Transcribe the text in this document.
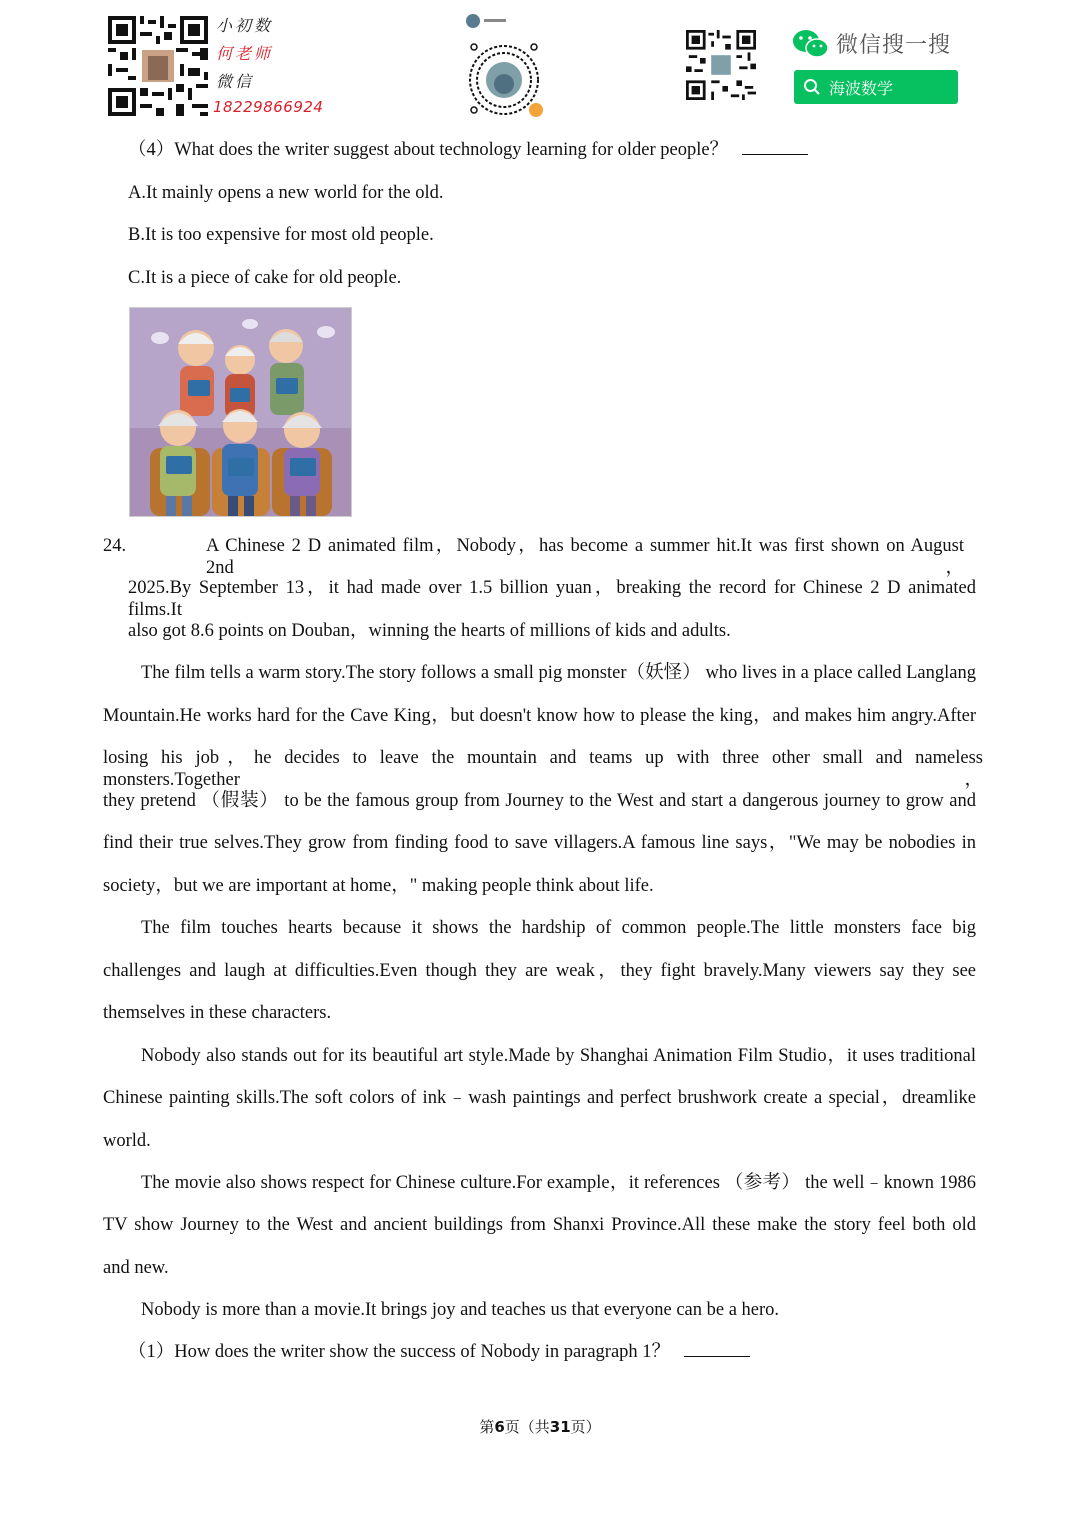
小初数
何老师
微信
18229866924
微信搜一搜
海波数学
（4）What does the writer suggest about technology learning for older people？
A.It mainly opens a new world for the old.
B.It is too expensive for most old people.
C.It is a piece of cake for old people.
24.	A Chinese 2 D animated film，Nobody，has become a summer hit.It was first shown on August 2nd，
2025.By September 13，it had made over 1.5 billion yuan，breaking the record for Chinese 2 D animated films.It
also got 8.6 points on Douban，winning the hearts of millions of kids and adults.
The film tells a warm story.The story follows a small pig monster（妖怪） who lives in a place called Langlang
Mountain.He works hard for the Cave King，but doesn't know how to please the king，and makes him angry.After
losing his job，he decides to leave the mountain and teams up with three other small and nameless monsters.Together，
they pretend （假装） to be the famous group from Journey to the West and start a dangerous journey to grow and
find their true selves.They grow from finding food to save villagers.A famous line says，"We may be nobodies in
society，but we are important at home，" making people think about life.
The film touches hearts because it shows the hardship of common people.The little monsters face big
challenges and laugh at difficulties.Even though they are weak，they fight bravely.Many viewers say they see
themselves in these characters.
Nobody also stands out for its beautiful art style.Made by Shanghai Animation Film Studio，it uses traditional
Chinese painting skills.The soft colors of ink﹣wash paintings and perfect brushwork create a special，dreamlike
world.
The movie also shows respect for Chinese culture.For example，it references （参考） the well﹣known 1986
TV show Journey to the West and ancient buildings from Shanxi Province.All these make the story feel both old
and new.
Nobody is more than a movie.It brings joy and teaches us that everyone can be a hero.
（1）How does the writer show the success of Nobody in paragraph 1？
第6页（共31页）
